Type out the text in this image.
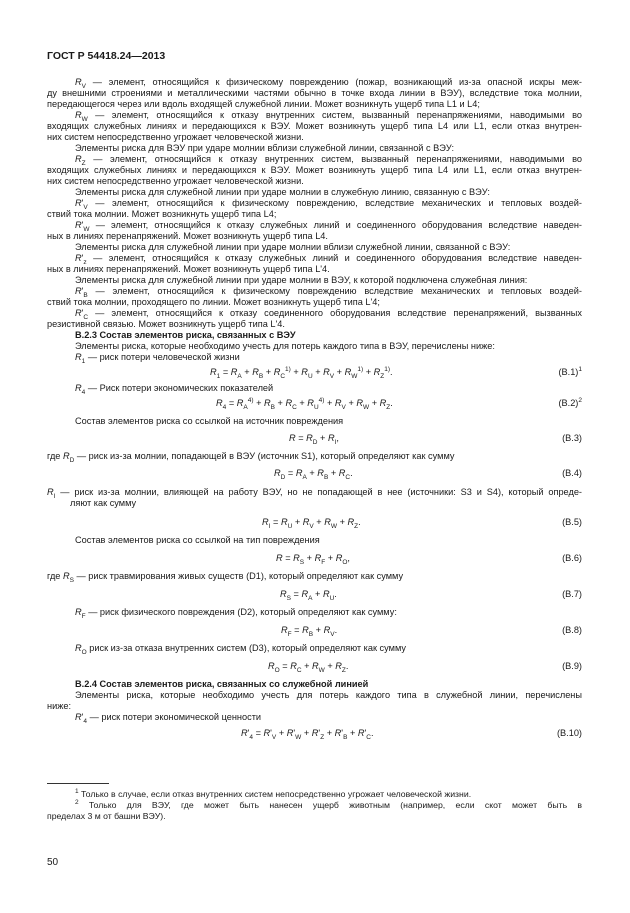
ГОСТ Р 54418.24—2013
$R_V$ — элемент, относящийся к физическому повреждению (пожар, возникающий из-за опасной искры меж-
ду внешними строениями и металлическими частями обычно в точке входа линии в ВЭУ), вследствие тока молнии,
передающегося через или вдоль входящей служебной линии. Может возникнуть ущерб типа L1 и L4;
$R_W$ — элемент, относящийся к отказу внутренних систем, вызванный перенапряжениями, наводимыми во
входящих служебных линиях и передающихся к ВЭУ. Может возникнуть ущерб типа L4 или L1, если отказ внутрен-
них систем непосредственно угрожает человеческой жизни.
Элементы риска для ВЭУ при ударе молнии вблизи служебной линии, связанной с ВЭУ:
$R_Z$ — элемент, относящийся к отказу внутренних систем, вызванный перенапряжениями, наводимыми во
входящих служебных линиях и передающихся к ВЭУ. Может возникнуть ущерб типа L4 или L1, если отказ внутрен-
них систем непосредственно угрожает человеческой жизни.
Элементы риска для служебной линии при ударе молнии в служебную линию, связанную с ВЭУ:
$R'_V$ — элемент, относящийся к физическому повреждению, вследствие механических и тепловых воздей-
ствий тока молнии. Может возникнуть ущерб типа L4;
$R'_W$ — элемент, относящийся к отказу служебных линий и соединенного оборудования вследствие наведен-
ных в линиях перенапряжений. Может возникнуть ущерб типа L4.
Элементы риска для служебной линии при ударе молнии вблизи служебной линии, связанной с ВЭУ:
$R'_z$ — элемент, относящийся к отказу служебных линий и соединенного оборудования вследствие наведен-
ных в линиях перенапряжений. Может возникнуть ущерб типа L'4.
Элементы риска для служебной линии при ударе молнии в ВЭУ, к которой подключена служебная линия:
$R'_B$ — элемент, относящийся к физическому повреждению вследствие механических и тепловых воздей-
ствий тока молнии, проходящего по линии. Может возникнуть ущерб типа L'4;
$R'_C$ — элемент, относящийся к отказу соединенного оборудования вследствие перенапряжений, вызванных
резистивной связью. Может возникнуть ущерб типа L'4.
В.2.3 Состав элементов риска, связанных с ВЭУ
Элементы риска, которые необходимо учесть для потерь каждого типа в ВЭУ, перечислены ниже:
$R_1$ — риск потери человеческой жизни
$R_1 = R_A + R_B + R_C^{1)} + R_U + R_V + R_W^{1)} + R_Z^{1)}$.	$(В.1)^1$
$R_4$ — Риск потери экономических показателей
$R_4 = R_A^{4)} + R_B + R_C + R_U^{4)} + R_V + R_W + R_Z$.	$(В.2)^2$
Состав элементов риска со ссылкой на источник повреждения
$R = R_D + R_I$,	(В.3)
где $R_D$ — риск из-за молнии, попадающей в ВЭУ (источник S1), который определяют как сумму
$R_D = R_A + R_B + R_C$.	(В.4)
$R_I$ — риск из-за молнии, влияющей на работу ВЭУ, но не попадающей в нее (источники: S3 и S4), который опреде-
ляют как сумму
$R_I = R_U + R_V + R_W + R_Z$.	(В.5)
Состав элементов риска со ссылкой на тип повреждения
$R = R_S + R_F + R_O$,	(В.6)
где $R_S$ — риск травмирования живых существ (D1), который определяют как сумму
$R_S = R_A + R_U$.	(В.7)
$R_F$ — риск физического повреждения (D2), который определяют как сумму:
$R_F = R_B + R_V$.	(В.8)
$R_O$ риск из-за отказа внутренних систем (D3), который определяют как сумму
$R_O = R_C + R_W + R_Z$.	(В.9)
В.2.4 Состав элементов риска, связанных со служебной линией
Элементы риска, которые необходимо учесть для потерь каждого типа в служебной линии, перечислены
ниже:
$R'_4$ — риск потери экономической ценности
$R'_4 = R'_V + R'_W + R'_Z + R'_B + R'_C$.	(В.10)
$^1$ Только в случае, если отказ внутренних систем непосредственно угрожает человеческой жизни.
$^2$ Только для ВЭУ, где может быть нанесен ущерб животным (например, если скот может быть в
пределах 3 м от башни ВЭУ).
50
